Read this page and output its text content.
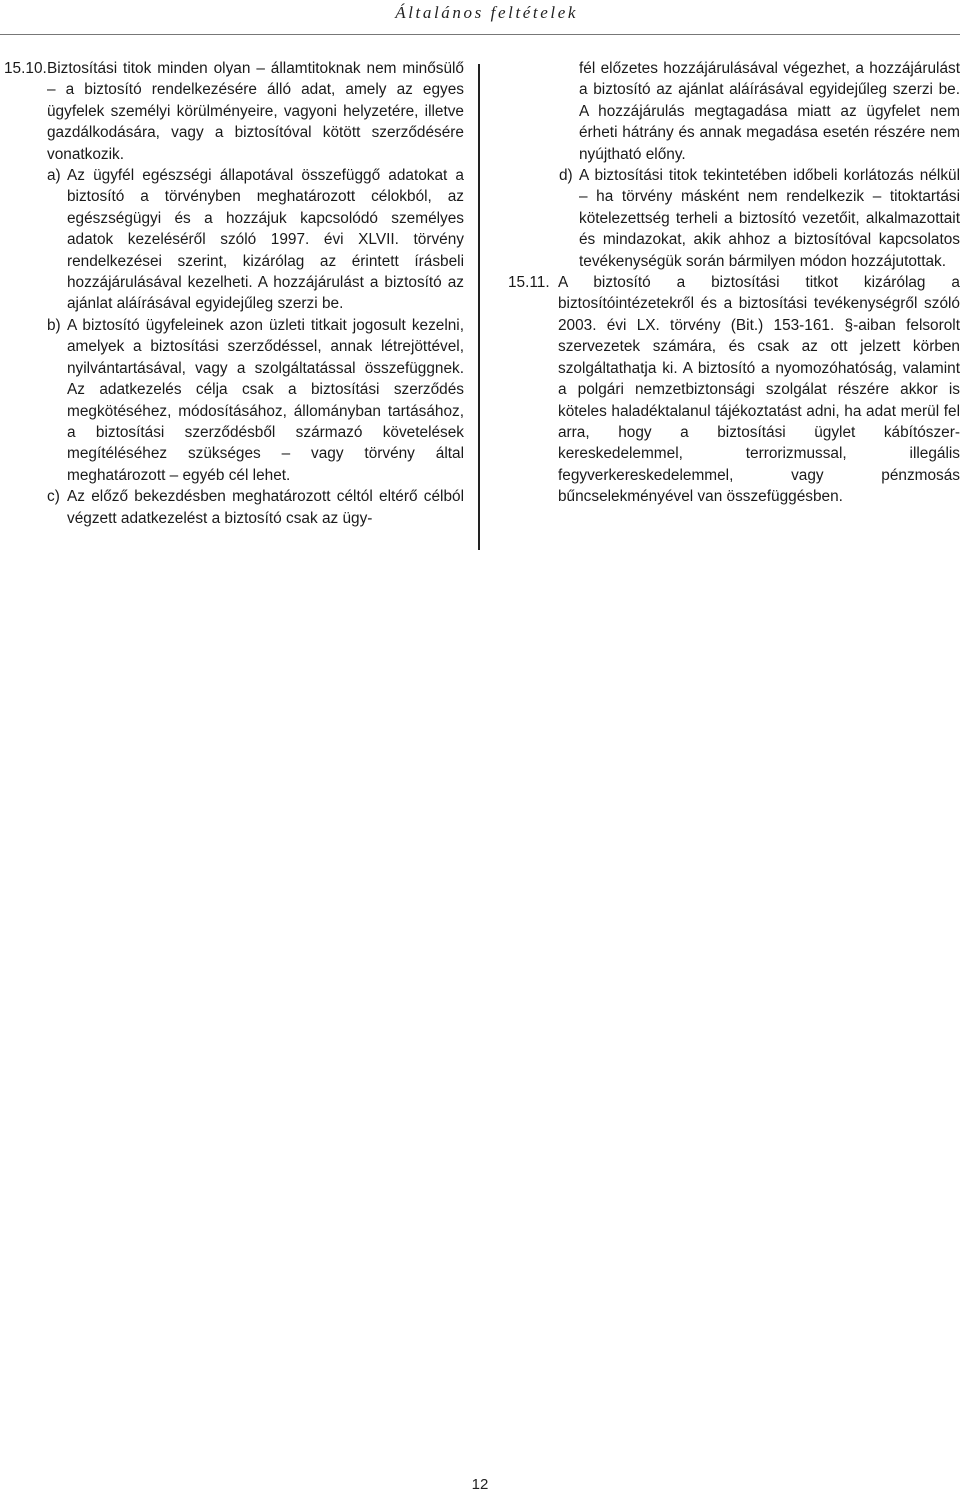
Általános feltételek
15.10. Biztosítási titok minden olyan – államtitoknak nem minősülő – a biztosító rendelkezésére álló adat, amely az egyes ügyfelek személyi körülményeire, vagyoni helyzetére, illetve gazdálkodására, vagy a biztosítóval kötött szerződésére vonatkozik.

a) Az ügyfél egészségi állapotával összefüggő adatokat a biztosító a törvényben meghatározott célokból, az egészségügyi és a hozzájuk kapcsolódó személyes adatok kezeléséről szóló 1997. évi XLVII. törvény rendelkezései szerint, kizárólag az érintett írásbeli hozzájárulásával kezelheti. A hozzájárulást a biztosító az ajánlat aláírásával egyidejűleg szerzi be.

b) A biztosító ügyfeleinek azon üzleti titkait jogosult kezelni, amelyek a biztosítási szerződéssel, annak létrejöttével, nyilvántartásával, vagy a szolgáltatással összefüggnek. Az adatkezelés célja csak a biztosítási szerződés megkötéséhez, módosításához, állományban tartásához, a biztosítási szerződésből származó követelések megítéléséhez szükséges – vagy törvény által meghatározott – egyéb cél lehet.

c) Az előző bekezdésben meghatározott céltól eltérő célból végzett adatkezelést a biztosító csak az ügy-

fél előzetes hozzájárulásával végezhet, a hozzájárulást a biztosító az ajánlat aláírásával egyidejűleg szerzi be. A hozzájárulás megtagadása miatt az ügyfelet nem érheti hátrány és annak megadása esetén részére nem nyújtható előny.

d) A biztosítási titok tekintetében időbeli korlátozás nélkül – ha törvény másként nem rendelkezik – titoktartási kötelezettség terheli a biztosító vezetőit, alkalmazottait és mindazokat, akik ahhoz a biztosítóval kapcsolatos tevékenységük során bármilyen módon hozzájutottak.

15.11. A biztosító a biztosítási titkot kizárólag a biztosítóintézetekről és a biztosítási tevékenységről szóló 2003. évi LX. törvény (Bit.) 153-161. §-aiban felsorolt szervezetek számára, és csak az ott jelzett körben szolgáltathatja ki. A biztosító a nyomozóhatóság, valamint a polgári nemzetbiztonsági szolgálat részére akkor is köteles haladéktalanul tájékoztatást adni, ha adat merül fel arra, hogy a biztosítási ügylet kábítószer-kereskedelemmel, terrorizmussal, illegális fegyverkereskedelemmel, vagy pénzmosás bűncselekményével van összefüggésben.

12
